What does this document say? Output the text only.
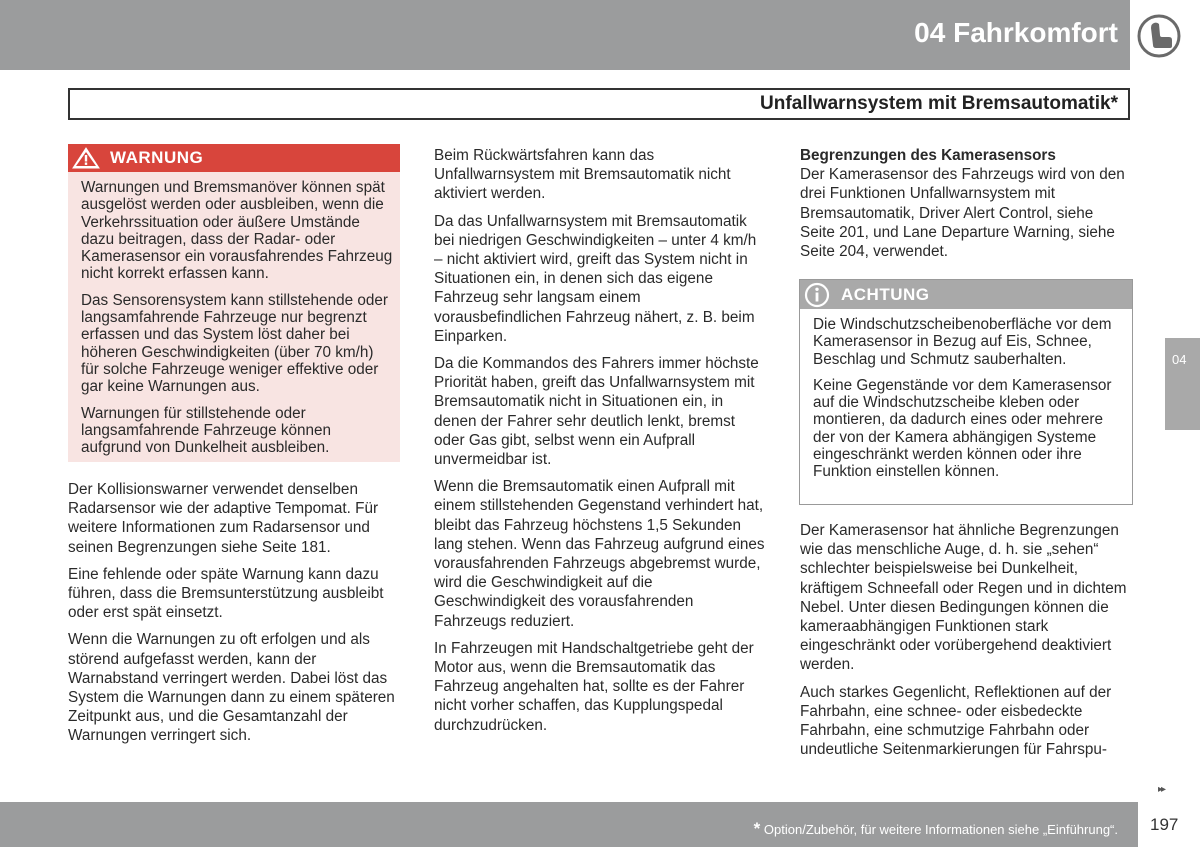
04 Fahrkomfort
Unfallwarnsystem mit Bremsautomatik*
WARNUNG

Warnungen und Bremsmanöver können spät ausgelöst werden oder ausbleiben, wenn die Verkehrssituation oder äußere Umstände dazu beitragen, dass der Radar- oder Kamerasensor ein vorausfahrendes Fahrzeug nicht korrekt erfassen kann.

Das Sensorensystem kann stillstehende oder langsamfahrende Fahrzeuge nur begrenzt erfassen und das System löst daher bei höheren Geschwindigkeiten (über 70 km/h) für solche Fahrzeuge weniger effektive oder gar keine Warnungen aus.

Warnungen für stillstehende oder langsamfahrende Fahrzeuge können aufgrund von Dunkelheit ausbleiben.

Der Kollisionswarner verwendet denselben Radarsensor wie der adaptive Tempomat. Für weitere Informationen zum Radarsensor und seinen Begrenzungen siehe Seite 181.

Eine fehlende oder späte Warnung kann dazu führen, dass die Bremsunterstützung ausbleibt oder erst spät einsetzt.

Wenn die Warnungen zu oft erfolgen und als störend aufgefasst werden, kann der Warnabstand verringert werden. Dabei löst das System die Warnungen dann zu einem späteren Zeitpunkt aus, und die Gesamtanzahl der Warnungen verringert sich.

Beim Rückwärtsfahren kann das Unfallwarnsystem mit Bremsautomatik nicht aktiviert werden.

Da das Unfallwarnsystem mit Bremsautomatik bei niedrigen Geschwindigkeiten – unter 4 km/h – nicht aktiviert wird, greift das System nicht in Situationen ein, in denen sich das eigene Fahrzeug sehr langsam einem vorausbefindlichen Fahrzeug nähert, z. B. beim Einparken.

Da die Kommandos des Fahrers immer höchste Priorität haben, greift das Unfallwarnsystem mit Bremsautomatik nicht in Situationen ein, in denen der Fahrer sehr deutlich lenkt, bremst oder Gas gibt, selbst wenn ein Aufprall unvermeidbar ist.

Wenn die Bremsautomatik einen Aufprall mit einem stillstehenden Gegenstand verhindert hat, bleibt das Fahrzeug höchstens 1,5 Sekunden lang stehen. Wenn das Fahrzeug aufgrund eines vorausfahrenden Fahrzeugs abgebremst wurde, wird die Geschwindigkeit auf die Geschwindigkeit des vorausfahrenden Fahrzeugs reduziert.

In Fahrzeugen mit Handschaltgetriebe geht der Motor aus, wenn die Bremsautomatik das Fahrzeug angehalten hat, sollte es der Fahrer nicht vorher schaffen, das Kupplungspedal durchzudrücken.

Begrenzungen des Kamerasensors

Der Kamerasensor des Fahrzeugs wird von den drei Funktionen Unfallwarnsystem mit Bremsautomatik, Driver Alert Control, siehe Seite 201, und Lane Departure Warning, siehe Seite 204, verwendet.

ACHTUNG

Die Windschutzscheibenoberfläche vor dem Kamerasensor in Bezug auf Eis, Schnee, Beschlag und Schmutz sauberhalten.

Keine Gegenstände vor dem Kamerasensor auf die Windschutzscheibe kleben oder montieren, da dadurch eines oder mehrere der von der Kamera abhängigen Systeme eingeschränkt werden können oder ihre Funktion einstellen können.

Der Kamerasensor hat ähnliche Begrenzungen wie das menschliche Auge, d. h. sie „sehen“ schlechter beispielsweise bei Dunkelheit, kräftigem Schneefall oder Regen und in dichtem Nebel. Unter diesen Bedingungen können die kameraabhängigen Funktionen stark eingeschränkt oder vorübergehend deaktiviert werden.

Auch starkes Gegenlicht, Reflektionen auf der Fahrbahn, eine schnee- oder eisbedeckte Fahrbahn, eine schmutzige Fahrbahn oder undeutliche Seitenmarkierungen für Fahrspu-

04
▸▸
* Option/Zubehör, für weitere Informationen siehe „Einführung“. 197
